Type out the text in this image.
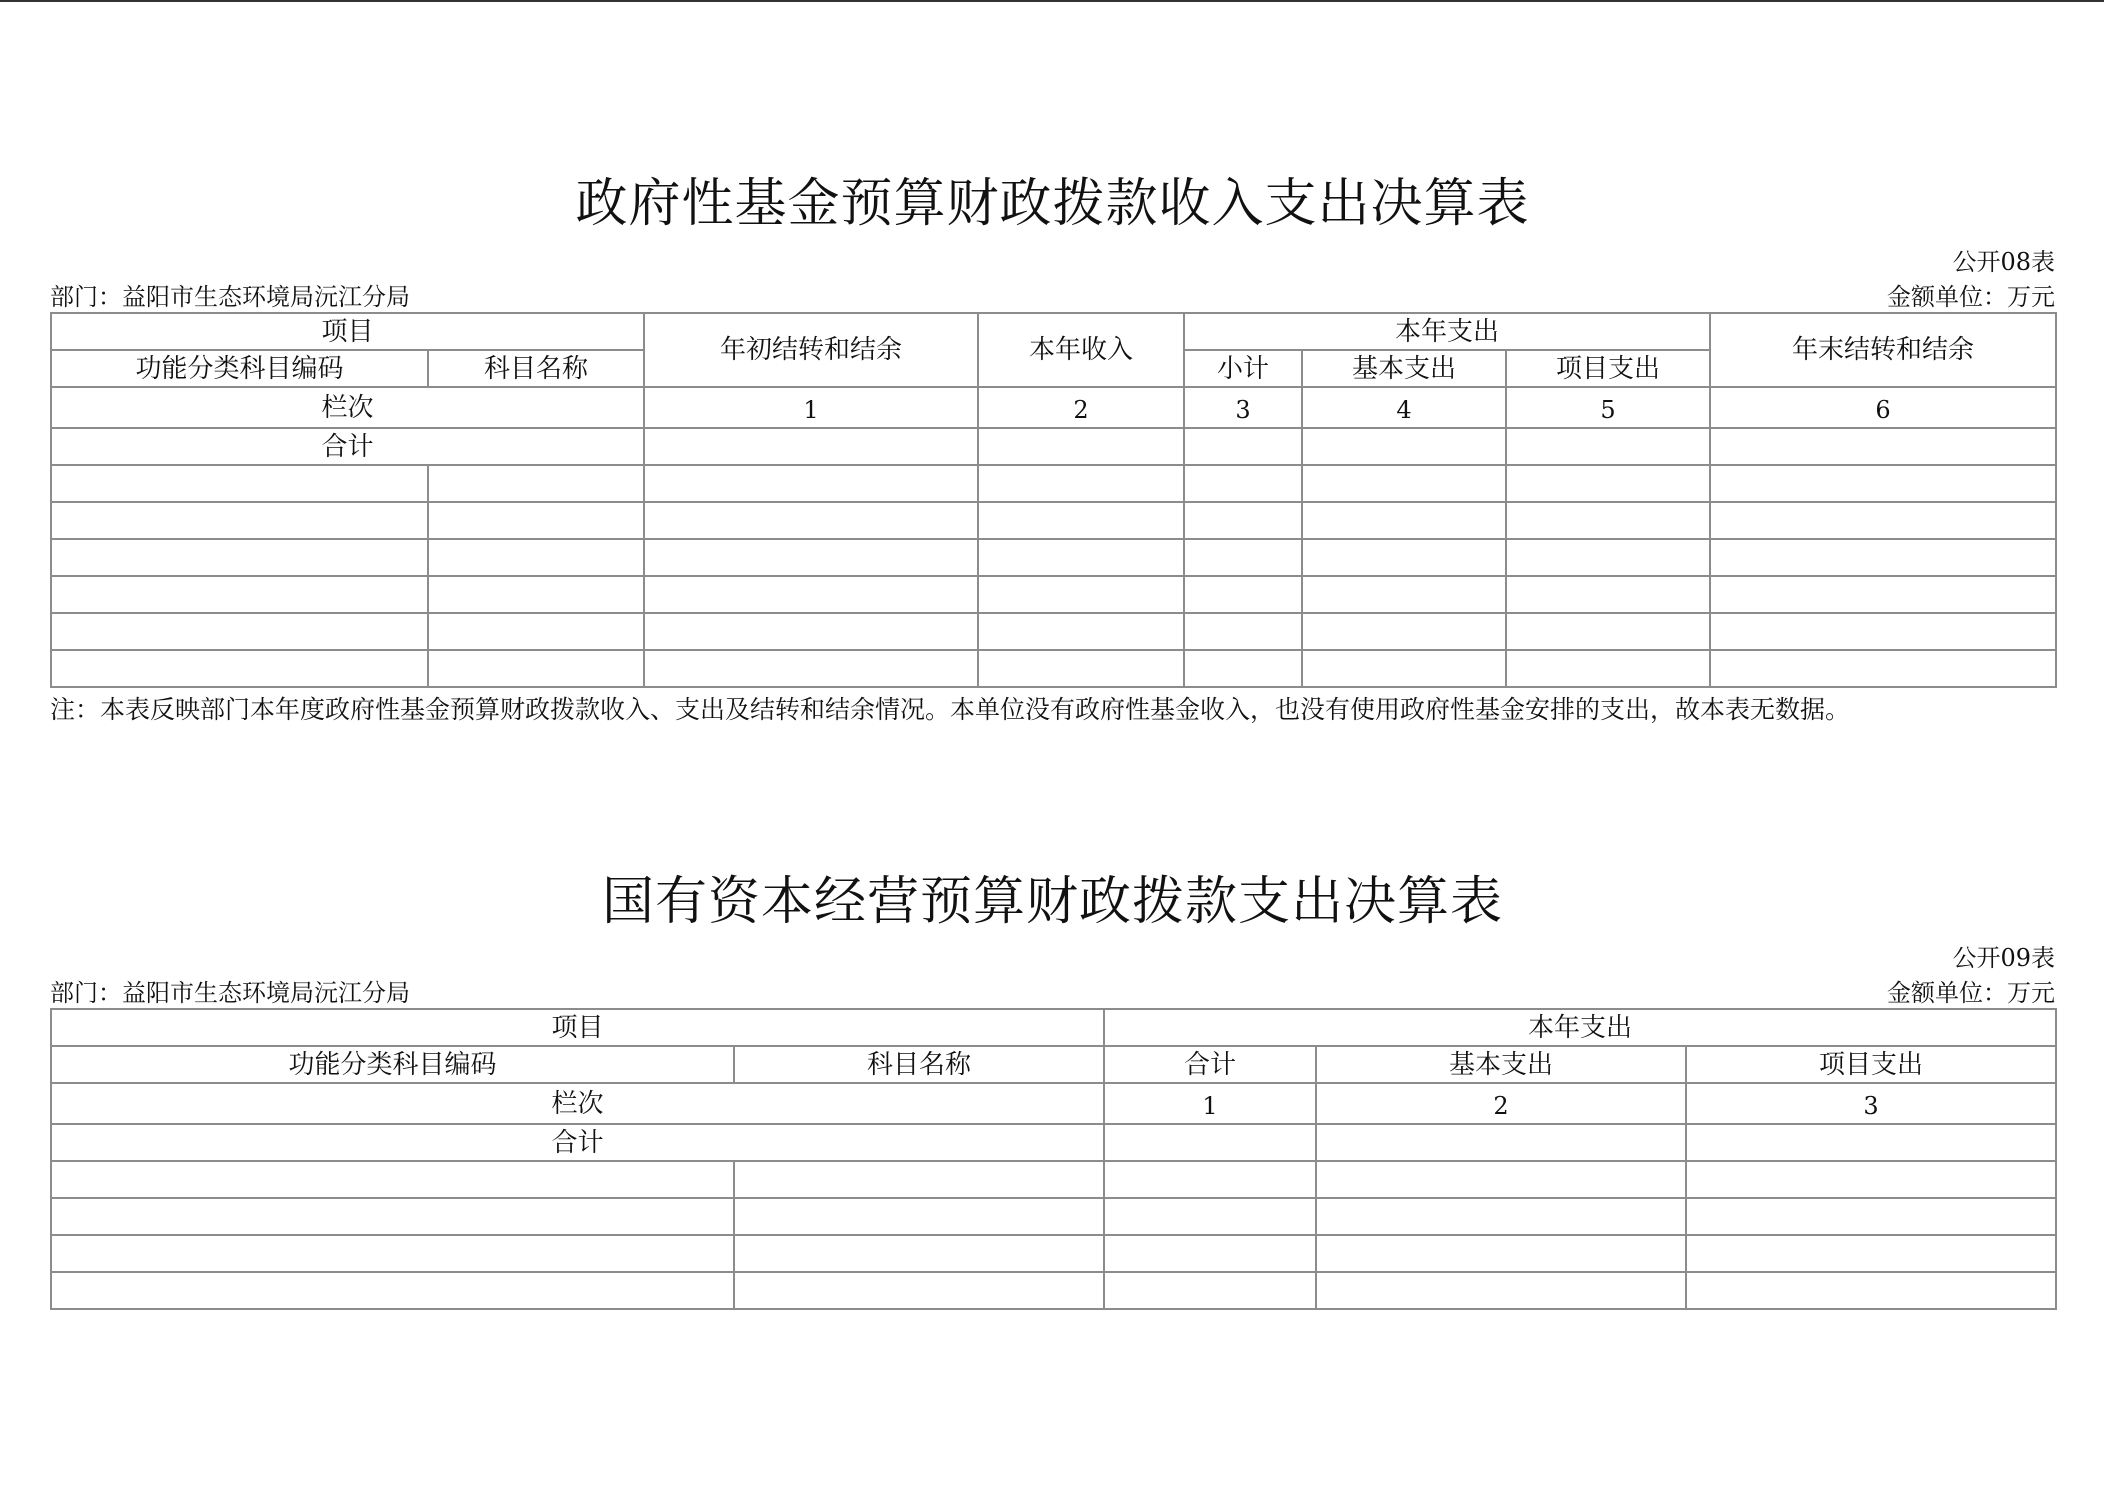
政府性基金预算财政拨款收入支出决算表
公开08表
部门：益阳市生态环境局沅江分局	金额单位：万元
项目		年初结转和结余	本年收入	本年支出			年末结转和结余
功能分类科目编码	科目名称			小计	基本支出	项目支出	
栏次		1	2	3	4	5	6
合计							

注：本表反映部门本年度政府性基金预算财政拨款收入、支出及结转和结余情况。本单位没有政府性基金收入，也没有使用政府性基金安排的支出，故本表无数据。
国有资本经营预算财政拨款支出决算表
公开09表
部门：益阳市生态环境局沅江分局	金额单位：万元
项目		本年支出		
功能分类科目编码	科目名称	合计	基本支出	项目支出
栏次		1	2	3
合计				
